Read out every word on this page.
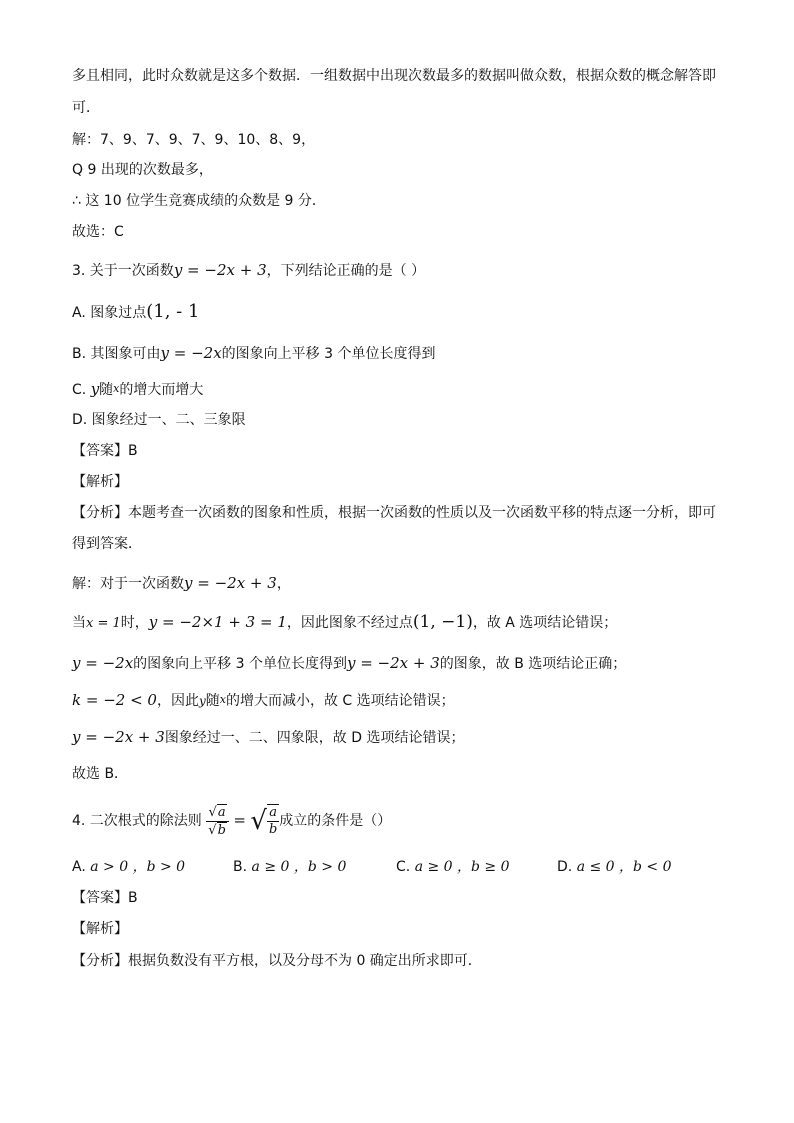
多且相同，此时众数就是这多个数据．一组数据中出现次数最多的数据叫做众数，根据众数的概念解答即
可．
解：7、9、7、9、7、9、10、8、9，
Q 9 出现的次数最多，
∴ 这 10 位学生竞赛成绩的众数是 9 分．
故选：C
3. 关于一次函数y = −2x + 3，下列结论正确的是（ ）
A. 图象过点(1, - 1
B. 其图象可由y = −2x的图象向上平移 3 个单位长度得到
C. y随$^x$的增大而增大
D. 图象经过一、二、三象限
【答案】B
【解析】
【分析】本题考查一次函数的图象和性质，根据一次函数的性质以及一次函数平移的特点逐一分析，即可
得到答案．
解：对于一次函数y = −2x + 3，
当x = 1时，y = −2×1 + 3 = 1，因此图象不经过点(1, −1)，故 A 选项结论错误；
y = −2x的图象向上平移 3 个单位长度得到y = −2x + 3的图象，故 B 选项结论正确；
k = −2 < 0，因此y随$^x$的增大而减小，故 C 选项结论错误；
y = −2x + 3图象经过一、二、四象限，故 D 选项结论错误；
故选 B．
4. 二次根式的除法则 $\frac{√a}{√b}$ = √ $\frac{a}{b}$ 成立的条件是（）
A. a > 0 ，b > 0	B. a ≥ 0 ，b > 0	C. a ≥ 0 ，b ≥ 0	D. a ≤ 0 ，b < 0
【答案】B
【解析】
【分析】根据负数没有平方根，以及分母不为 0 确定出所求即可．
